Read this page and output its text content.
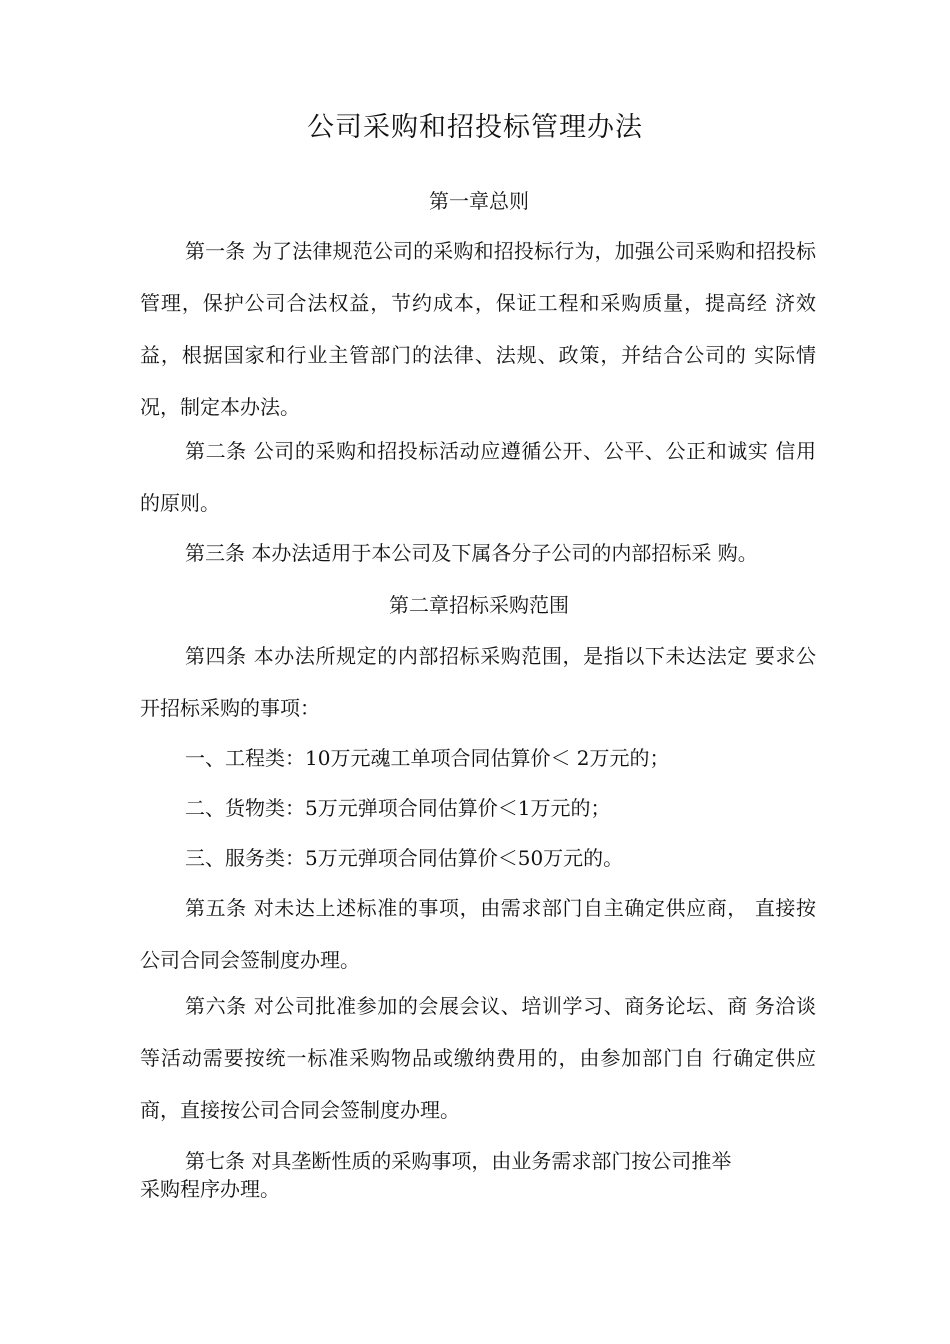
公司采购和招投标管理办法
第一章总则

第一条 为了法律规范公司的采购和招投标行为，加强公司采购和招投标管理，保护公司合法权益，节约成本，保证工程和采购质量，提高经 济效益，根据国家和行业主管部门的法律、法规、政策，并结合公司的 实际情况，制定本办法。

第二条 公司的采购和招投标活动应遵循公开、公平、公正和诚实 信用的原则。

第三条 本办法适用于本公司及下属各分子公司的内部招标采 购。

第二章招标采购范围

第四条 本办法所规定的内部招标采购范围，是指以下未达法定 要求公开招标采购的事项：

一、工程类：10万元魂工单项合同估算价＜ 2万元的；

二、货物类：5万元弹项合同估算价＜1万元的；

三、服务类：5万元弹项合同估算价＜50万元的。

第五条 对未达上述标准的事项，由需求部门自主确定供应商， 直接按公司合同会签制度办理。

第六条 对公司批准参加的会展会议、培训学习、商务论坛、商 务洽谈等活动需要按统一标准采购物品或缴纳费用的，由参加部门自 行确定供应商，直接按公司合同会签制度办理。

第七条 对具垄断性质的采购事项，由业务需求部门按公司推举
采购程序办理。
